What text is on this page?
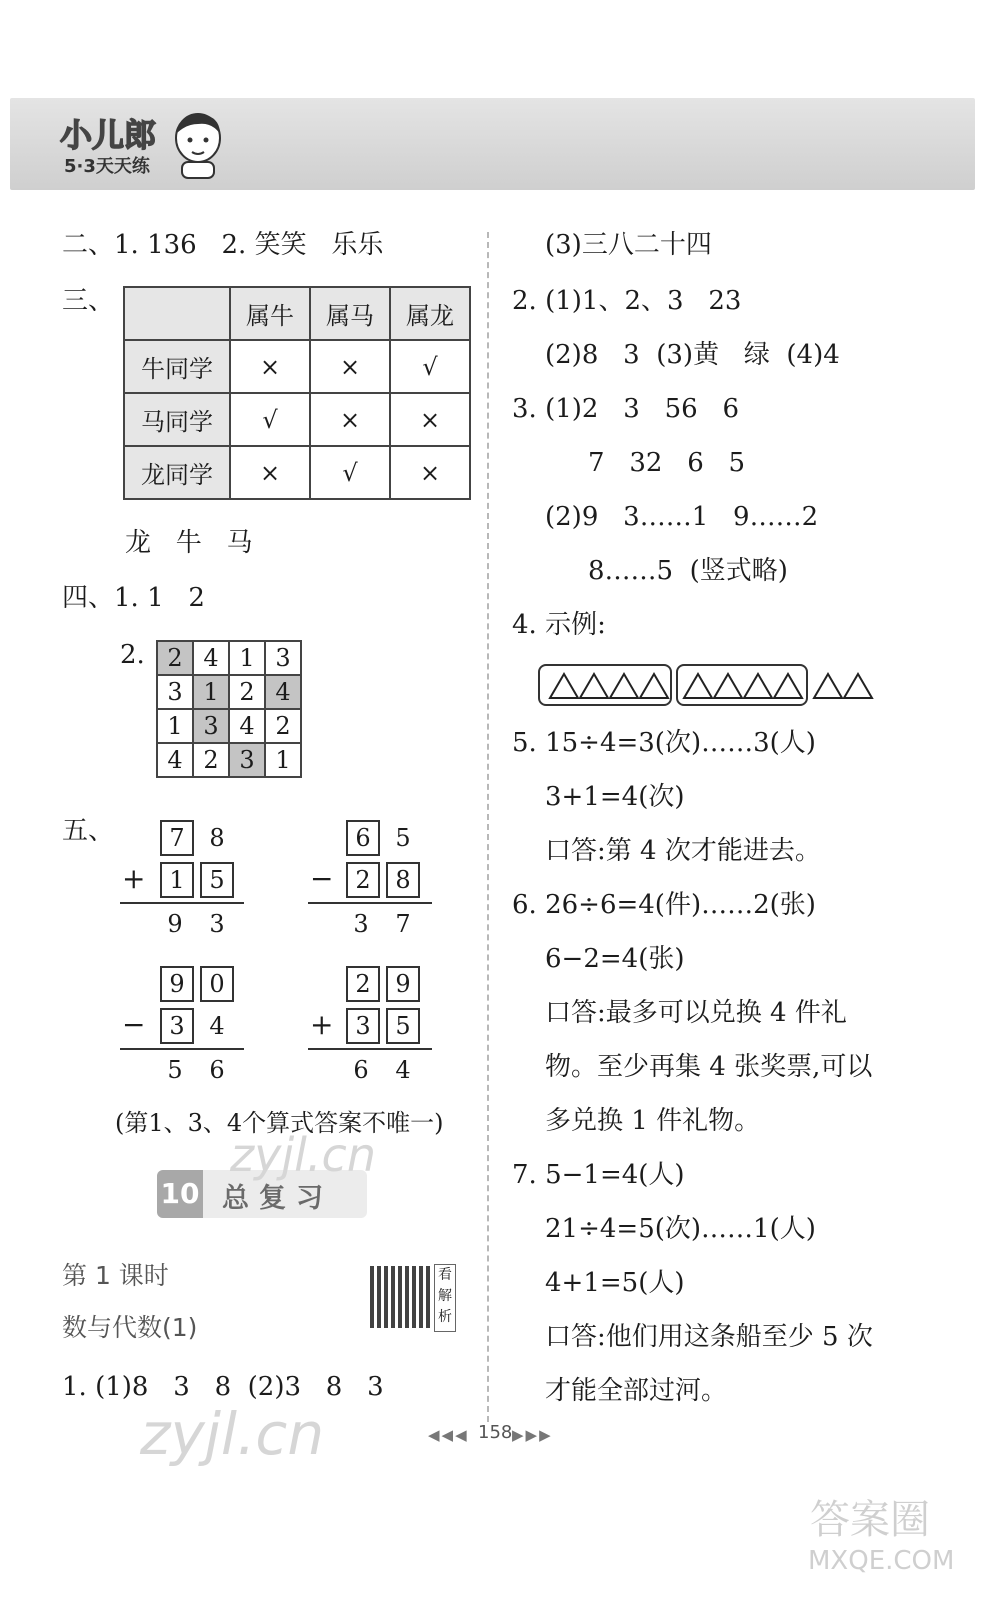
小儿郎
5·3天天练
二、1. 136   2. 笑笑   乐乐
三、
		属牛	属马	属龙
牛同学	×	×	√
马同学	√	×	×
龙同学	×	√	×
龙   牛   马
四、1. 1   2
2. 2	4	1	3
3	1	2	4
1	3	4	2
4	2	3	1
五、	7	8
+ 1	5
9	3
6	5
− 2	8
3	7
9	0
− 3	4
5	6
2	9
+ 3	5
6	4
(第1、3、4个算式答案不唯一)
10 总复习
第 1 课时
数与代数(1)
看解析
1. (1)8   3   8  (2)3   8   3
(3)三八二十四
2. (1)1、2、3   23
(2)8   3  (3)黄   绿  (4)4
3. (1)2   3   56   6
7   32   6   5
(2)9   3……1   9……2
8……5  (竖式略)
4. 示例:
5. 15÷4=3(次)……3(人)
3+1=4(次)
口答:第 4 次才能进去。
6. 26÷6=4(件)……2(张)
6−2=4(张)
口答:最多可以兑换 4 件礼
物。至少再集 4 张奖票,可以
多兑换 1 件礼物。
7. 5−1=4(人)
21÷4=5(次)……1(人)
4+1=5(人)
口答:他们用这条船至少 5 次
才能全部过河。
◀◀◀ 158 ▶▶▶
zyjl.cn
zyjl.cn
答案圈
MXQE.COM
